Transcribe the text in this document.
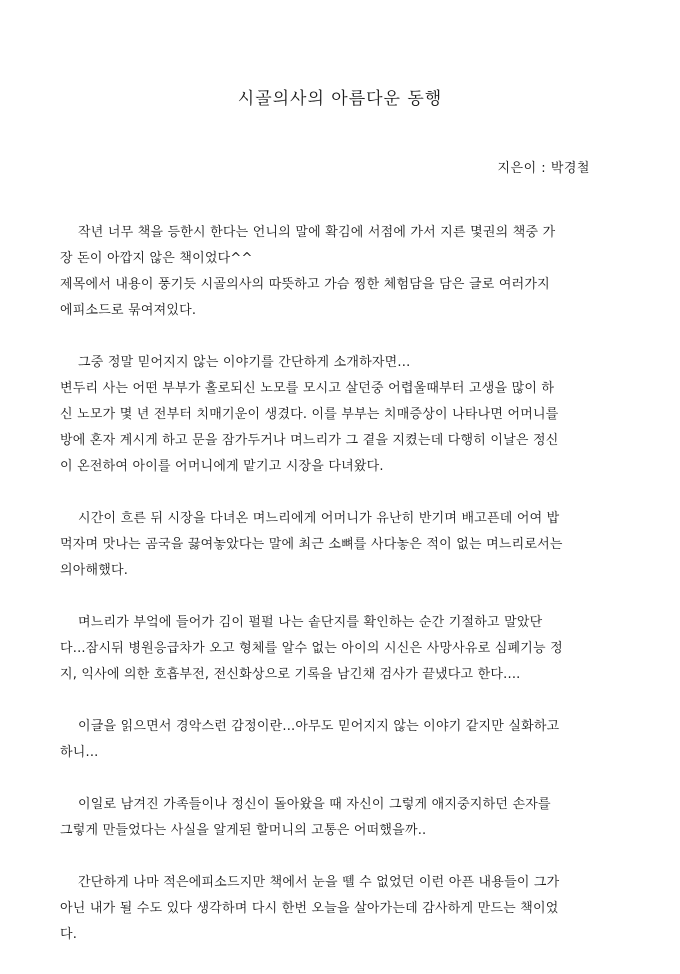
시골의사의 아름다운 동행
지은이 : 박경철

작년 너무 책을 등한시 한다는 언니의 말에 확김에 서점에 가서 지른 몇권의 책중 가
장 돈이 아깝지 않은 책이었다^^
제목에서 내용이 풍기듯 시골의사의 따뜻하고 가슴 찡한 체험담을 담은 글로 여러가지
에피소드로 묶여져있다.

그중 정말 믿어지지 않는 이야기를 간단하게 소개하자면...
변두리 사는 어떤 부부가 홀로되신 노모를 모시고 살던중 어렵울때부터 고생을 많이 하
신 노모가 몇 년 전부터 치매기운이 생겼다. 이를 부부는 치매증상이 나타나면 어머니를
방에 혼자 계시게 하고 문을 잠가두거나 며느리가 그 곁을 지켰는데 다행히 이날은 정신
이 온전하여 아이를 어머니에게 맡기고 시장을 다녀왔다.

시간이 흐른 뒤 시장을 다녀온 며느리에게 어머니가 유난히 반기며 배고픈데 어여 밥
먹자며 맛나는 곰국을 끓여놓았다는 말에 최근 소뼈를 사다놓은 적이 없는 며느리로서는
의아해했다.

며느리가 부엌에 들어가 김이 펄펄 나는 솥단지를 확인하는 순간 기절하고 말았단
다...잠시뒤 병원응급차가 오고 형체를 알수 없는 아이의 시신은 사망사유로 심폐기능 정
지, 익사에 의한 호흡부전, 전신화상으로 기록을 남긴채 검사가 끝냈다고 한다....

이글을 읽으면서 경악스런 감정이란...아무도 믿어지지 않는 이야기 같지만 실화하고
하니...

이일로 남겨진 가족들이나 정신이 돌아왔을 때 자신이 그렇게 애지중지하던 손자를
그렇게 만들었다는 사실을 알게된 할머니의 고통은 어떠했을까..

간단하게 나마 적은에피소드지만 책에서 눈을 뗄 수 없었던 이런 아픈 내용들이 그가
아닌 내가 될 수도 있다 생각하며 다시 한번 오늘을 살아가는데 감사하게 만드는 책이었
다.
